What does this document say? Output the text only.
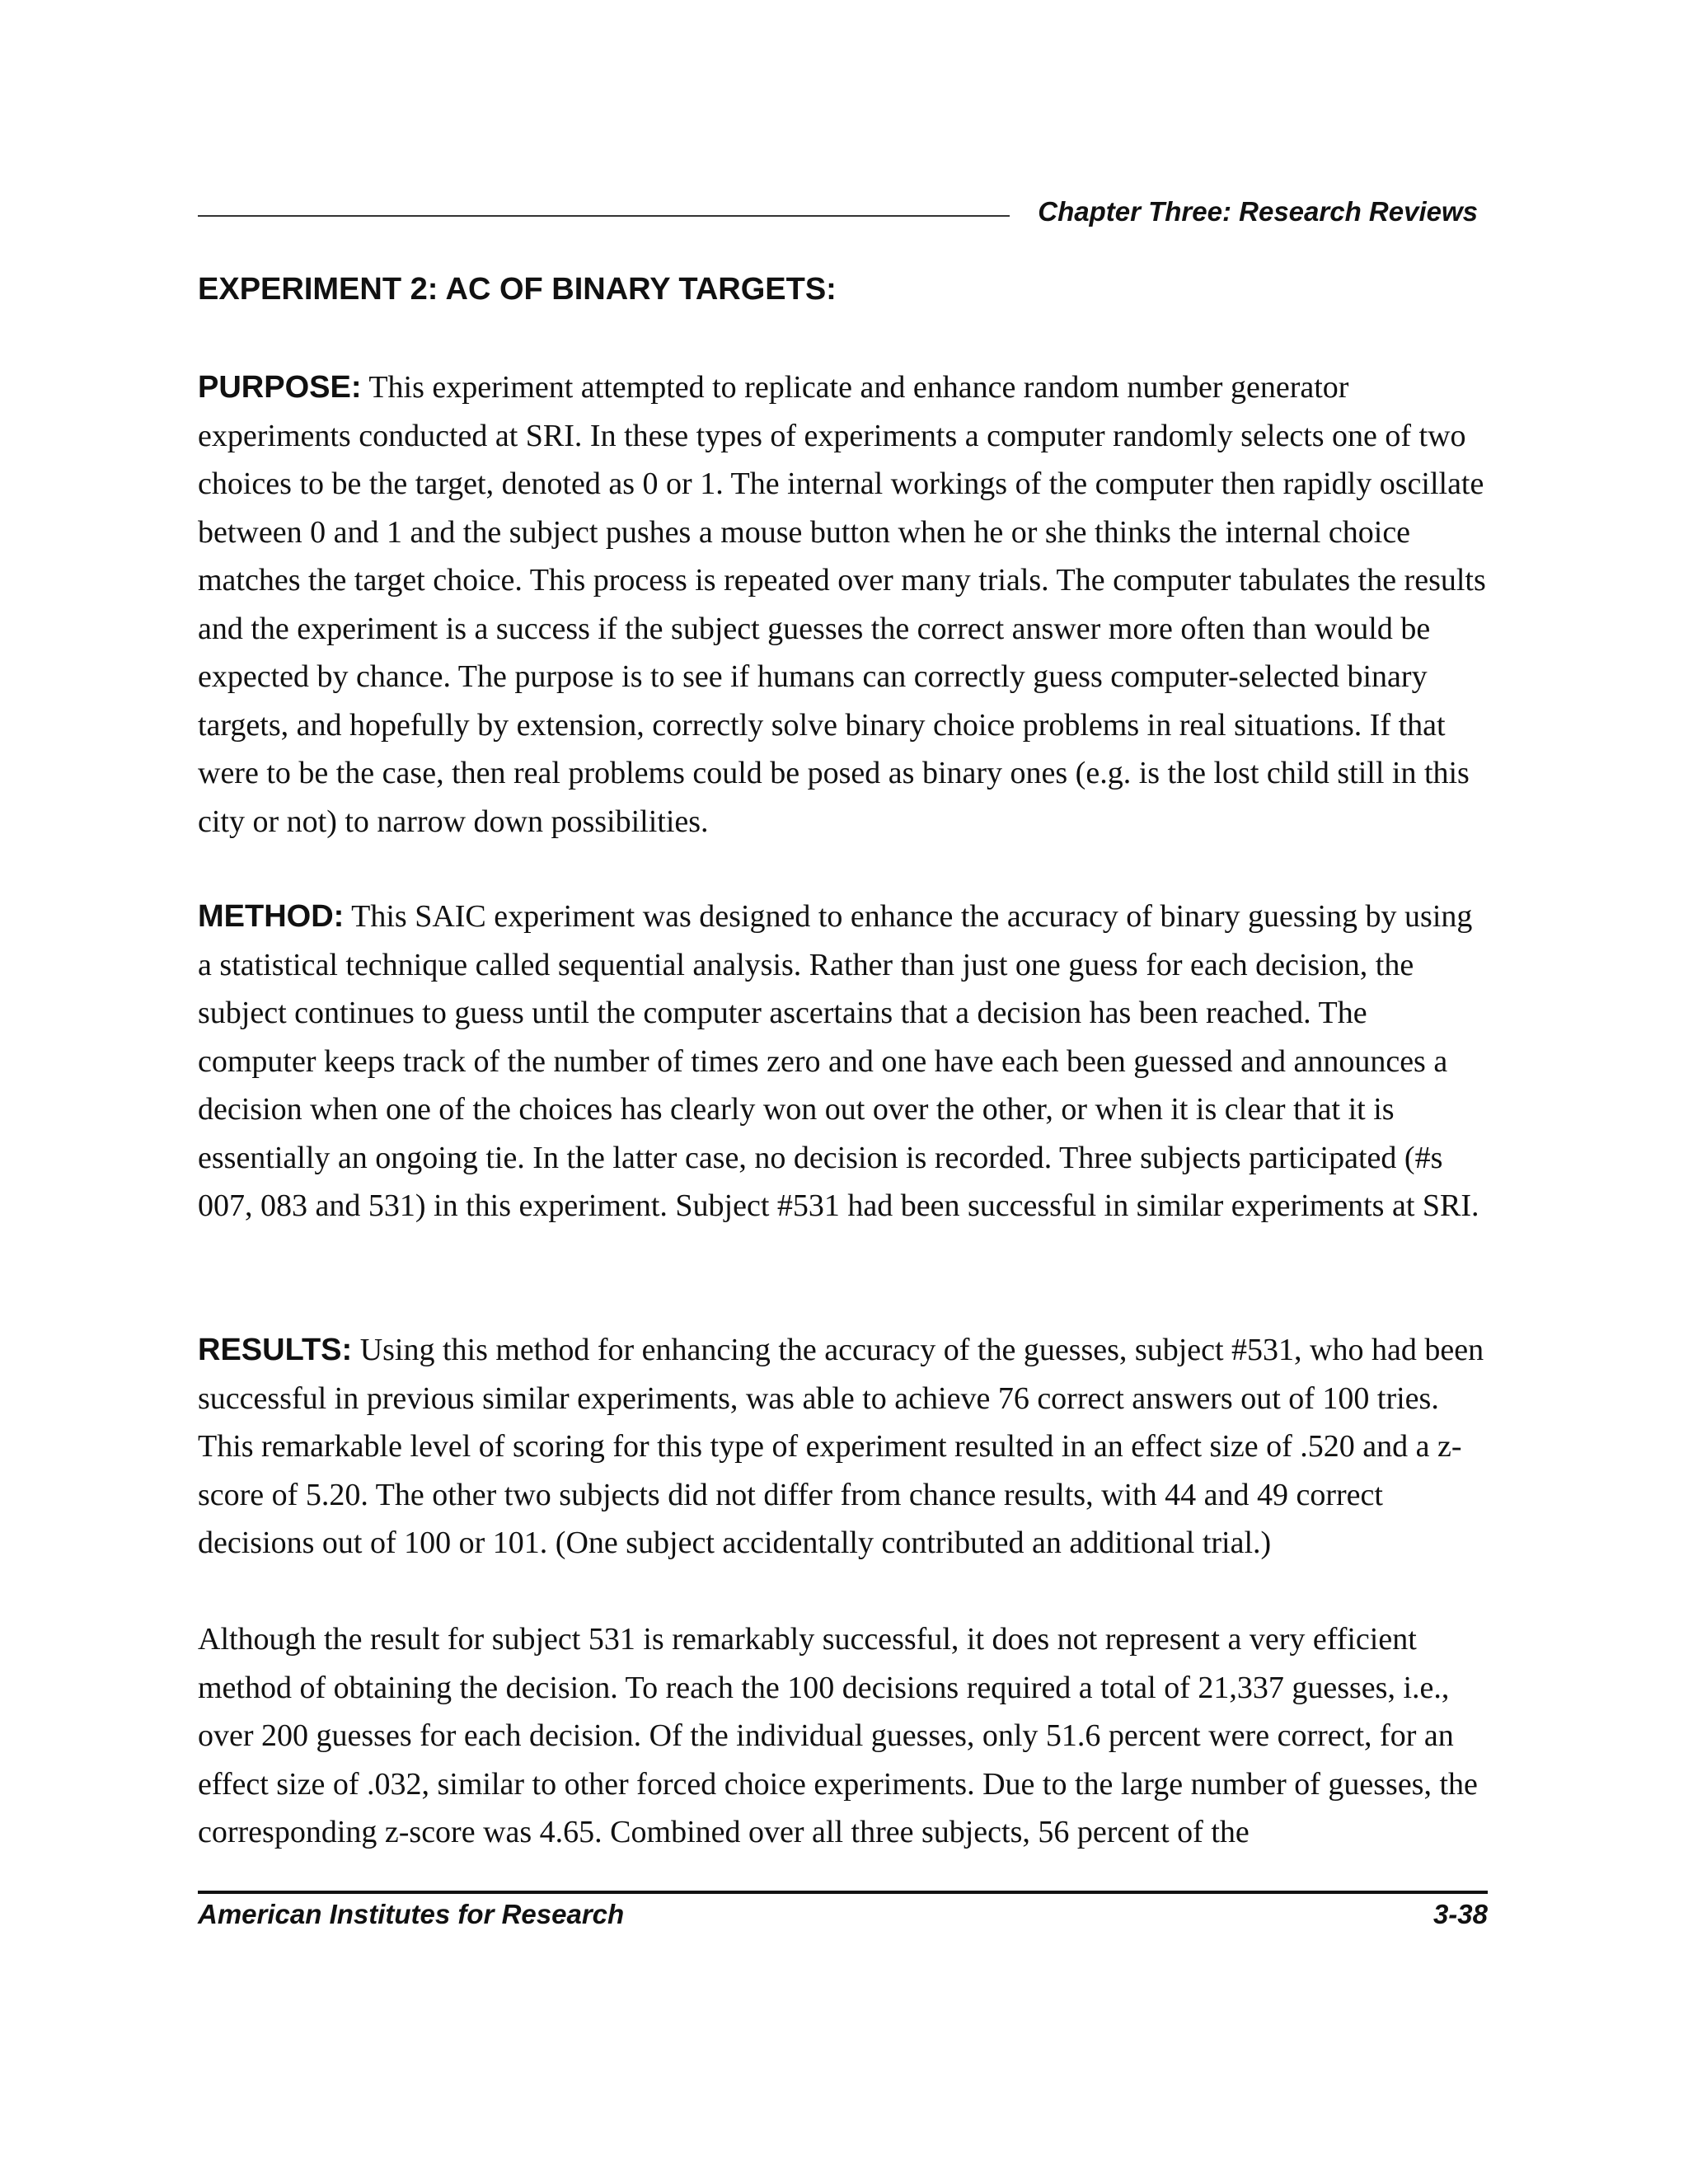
Chapter Three: Research Reviews
EXPERIMENT 2: AC OF BINARY TARGETS:

PURPOSE: This experiment attempted to replicate and enhance random number generator experiments conducted at SRI. In these types of experiments a computer randomly selects one of two choices to be the target, denoted as 0 or 1. The internal workings of the computer then rapidly oscillate between 0 and 1 and the subject pushes a mouse button when he or she thinks the internal choice matches the target choice. This process is repeated over many trials. The computer tabulates the results and the experiment is a success if the subject guesses the correct answer more often than would be expected by chance. The purpose is to see if humans can correctly guess computer-selected binary targets, and hopefully by extension, correctly solve binary choice problems in real situations. If that were to be the case, then real problems could be posed as binary ones (e.g. is the lost child still in this city or not) to narrow down possibilities.

METHOD: This SAIC experiment was designed to enhance the accuracy of binary guessing by using a statistical technique called sequential analysis. Rather than just one guess for each decision, the subject continues to guess until the computer ascertains that a decision has been reached. The computer keeps track of the number of times zero and one have each been guessed and announces a decision when one of the choices has clearly won out over the other, or when it is clear that it is essentially an ongoing tie. In the latter case, no decision is recorded. Three subjects participated (#s 007, 083 and 531) in this experiment. Subject #531 had been successful in similar experiments at SRI.

RESULTS: Using this method for enhancing the accuracy of the guesses, subject #531, who had been successful in previous similar experiments, was able to achieve 76 correct answers out of 100 tries. This remarkable level of scoring for this type of experiment resulted in an effect size of .520 and a z-score of 5.20. The other two subjects did not differ from chance results, with 44 and 49 correct decisions out of 100 or 101. (One subject accidentally contributed an additional trial.)

Although the result for subject 531 is remarkably successful, it does not represent a very efficient method of obtaining the decision. To reach the 100 decisions required a total of 21,337 guesses, i.e., over 200 guesses for each decision. Of the individual guesses, only 51.6 percent were correct, for an effect size of .032, similar to other forced choice experiments. Due to the large number of guesses, the corresponding z-score was 4.65. Combined over all three subjects, 56 percent of the

American Institutes for Research	3-38
